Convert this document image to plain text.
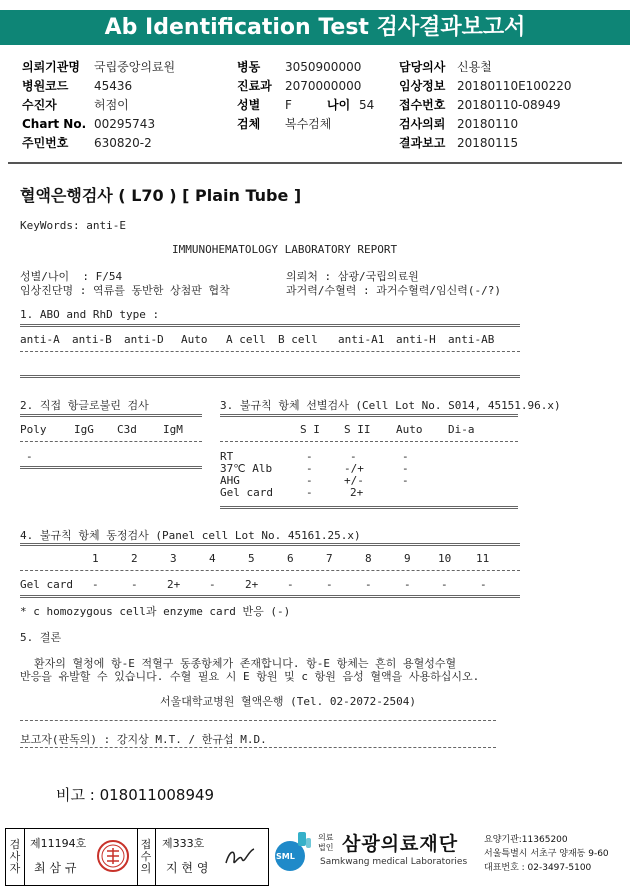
Ab Identification Test 검사결과보고서
의뢰기관명 국립중앙의료원
병원코드 45436
수진자	허점이
Chart No. 00295743
주민번호 630820-2
병동 3050900000
진료과 2070000000
성별 F	나이 54
검체 복수검체
담당의사 신용철
임상정보 20180110E100220
접수번호 20180110-08949
검사의뢰 20180110
결과보고 20180115
혈액은행검사 ( L70 ) [ Plain Tube ]
KeyWords: anti-E
IMMUNOHEMATOLOGY LABORATORY REPORT
성별/나이  : F/54	의뢰처 : 삼광/국립의료원
임상진단명 : 역류를 동반한 상첨판 협착	과거력/수혈력 : 과거수혈력/임신력(-/?)
1. ABO and RhD type :
anti-A anti-B anti-D Auto A cell B cell anti-A1 anti-H anti-AB
2. 직접 항글로불린 검사
Poly	IgG C3d IgM
-
3. 불규칙 항체 선별검사 (Cell Lot No. S014, 45151.96.x)
S I S II Auto Di-a
RT	-	-	-
37℃ Alb	-	-/+	-
AHG	-	+/-	-
Gel card	-	2+
4. 불규칙 항체 동정검사 (Panel cell Lot No. 45161.25.x)
1	2	3	4	5	6	7	8	9 10 11
Gel card -	-	2+	-	2+	-	-	-	-	-	-
* c homozygous cell과 enzyme card 반응 (-)
5. 결론
환자의 혈청에 항-E 적혈구 동종항체가 존재합니다. 항-E 항체는 흔히 용혈성수혈
반응을 유발할 수 있습니다. 수혈 필요 시 E 항원 및 c 항원 음성 혈액을 사용하십시오.
서울대학교병원 혈액은행 (Tel. 02-2072-2504)
보고자(판독의) : 강지상 M.T. / 한규섭 M.D.
비고 : 018011008949
검사자
제11194호
최 삼 규
접수의
제333호
지 현 영
SML
의료
법인 삼광의료재단
Samkwang medical Laboratories
요양기관:11365200
서울특별시 서초구 양재동 9-60
대표번호 : 02-3497-5100
